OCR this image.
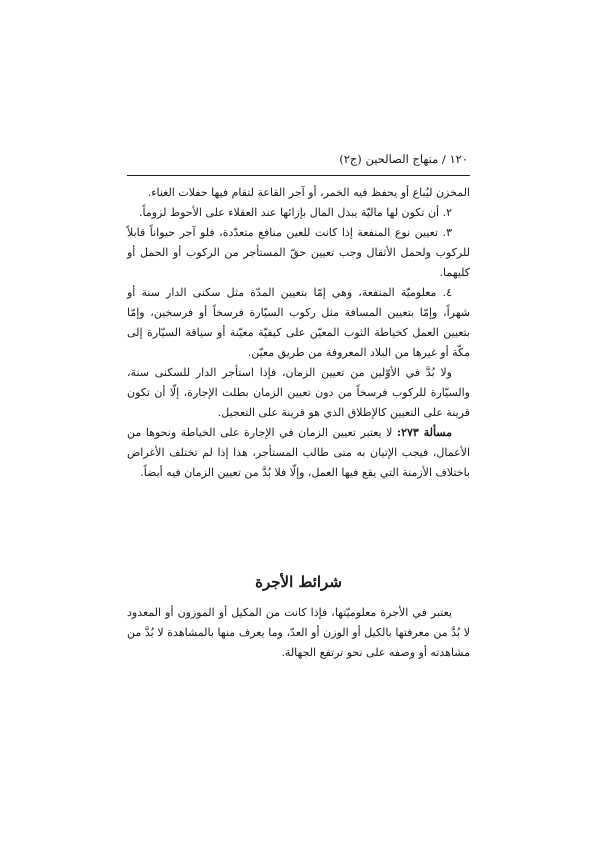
١٢٠ / منهاج الصالحين (ج٢)

المخزن ليُباع أو يحفظ فيه الخمر، أو آجر القاعة لتقام فيها حفلات الغناء.

٢. أن تكون لها ماليّة يبذل المال بإزائها عند العقلاء على الأحوط لزوماً.

٣. تعيين نوع المنفعة إذا كانت للعين منافع متعدّدة، فلو آجر حيواناً قابلاً للركوب ولحمل الأثقال وجب تعيين حقّ المستأجر من الركوب أو الحمل أو كليهما.

٤. معلوميّة المنفعة، وهي إمّا بتعيين المدّة مثل سكنى الدار سنة أو شهراً، وإمّا بتعيين المسافة مثل ركوب السيّارة فرسخاً أو فرسخين، وإمّا بتعيين العمل كخياطة الثوب المعيّن على كيفيّة معيّنة أو سياقة السيّارة إلى مكّة أو غيرها من البلاد المعروفة من طريق معيّن.

ولا بُدَّ في الأوّلين من تعيين الزمان، فإذا استأجر الدار للسكنى سنة، والسيّارة للركوب فرسخاً من دون تعيين الزمان بطلت الإجارة، إلّا أن تكون قرينة على التعيين كالإطلاق الذي هو قرينة على التعجيل.

مسألة ٢٧٣: لا يعتبر تعيين الزمان في الإجارة على الخياطة ونحوها من الأعمال، فيجب الإتيان به متى طالب المستأجر، هذا إذا لم تختلف الأغراض باختلاف الأزمنة التي يقع فيها العمل، وإلّا فلا بُدَّ من تعيين الزمان فيه أيضاً.

شرائط الأجرة

يعتبر في الأجرة معلوميّتها، فإذا كانت من المكيل أو الموزون أو المعدود لا بُدَّ من معرفتها بالكيل أو الوزن أو العدّ، وما يعرف منها بالمشاهدة لا بُدَّ من مشاهدته أو وصفه على نحو ترتفع الجهالة.
